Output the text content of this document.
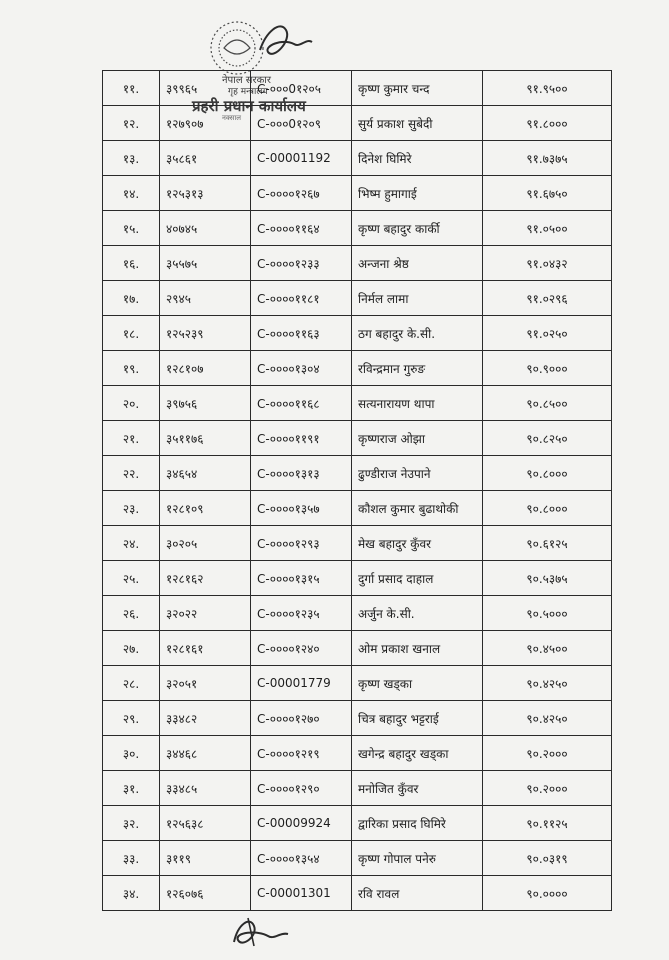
नेपाल सरकार
गृह मन्त्रालय
प्रहरी प्रधान कार्यालय
नक्साल
११.	३९९६५	C-०००0१२०५	कृष्ण कुमार चन्द	९१.९५००
१२.	१२७९०७	C-०००0१२०९	सुर्य प्रकाश सुबेदी	९१.८०००
१३.	३५८६१	C-00001192	दिनेश घिमिरे	९१.७३७५
१४.	१२५३१३	C-००००१२६७	भिष्म हुमागाई	९१.६७५०
१५.	४०७४५	C-००००११६४	कृष्ण बहादुर कार्की	९१.०५००
१६.	३५५७५	C-००००१२३३	अन्जना श्रेष्ठ	९१.०४३२
१७.	२९४५	C-००००११८१	निर्मल लामा	९१.०२९६
१८.	१२५२३९	C-००००११६३	ठग बहादुर के.सी.	९१.०२५०
१९.	१२८१०७	C-००००१३०४	रविन्द्रमान गुरुङ	९०.९०००
२०.	३९७५६	C-००००११६८	सत्यनारायण थापा	९०.८५००
२१.	३५११७६	C-००००११९१	कृष्णराज ओझा	९०.८२५०
२२.	३४६५४	C-००००१३१३	ढुण्डीराज नेउपाने	९०.८०००
२३.	१२८१०९	C-००००१३५७	कौशल कुमार बुढाथोकी	९०.८०००
२४.	३०२०५	C-००००१२९३	मेख बहादुर कुँवर	९०.६१२५
२५.	१२८१६२	C-००००१३१५	दुर्गा प्रसाद दाहाल	९०.५३७५
२६.	३२०२२	C-००००१२३५	अर्जुन के.सी.	९०.५०००
२७.	१२८१६१	C-००००१२४०	ओम प्रकाश खनाल	९०.४५००
२८.	३२०५१	C-00001779	कृष्ण खड्का	९०.४२५०
२९.	३३४८२	C-००००१२७०	चित्र बहादुर भट्टराई	९०.४२५०
३०.	३४४६८	C-००००१२१९	खगेन्द्र बहादुर खड्का	९०.२०००
३१.	३३४८५	C-००००१२९०	मनोजित कुँवर	९०.२०००
३२.	१२५६३८	C-00009924	द्वारिका प्रसाद घिमिरे	९०.११२५
३३.	३११९	C-००००१३५४	कृष्ण गोपाल पनेरु	९०.०३१९
३४.	१२६०७६	C-00001301	रवि रावल	९०.००००
